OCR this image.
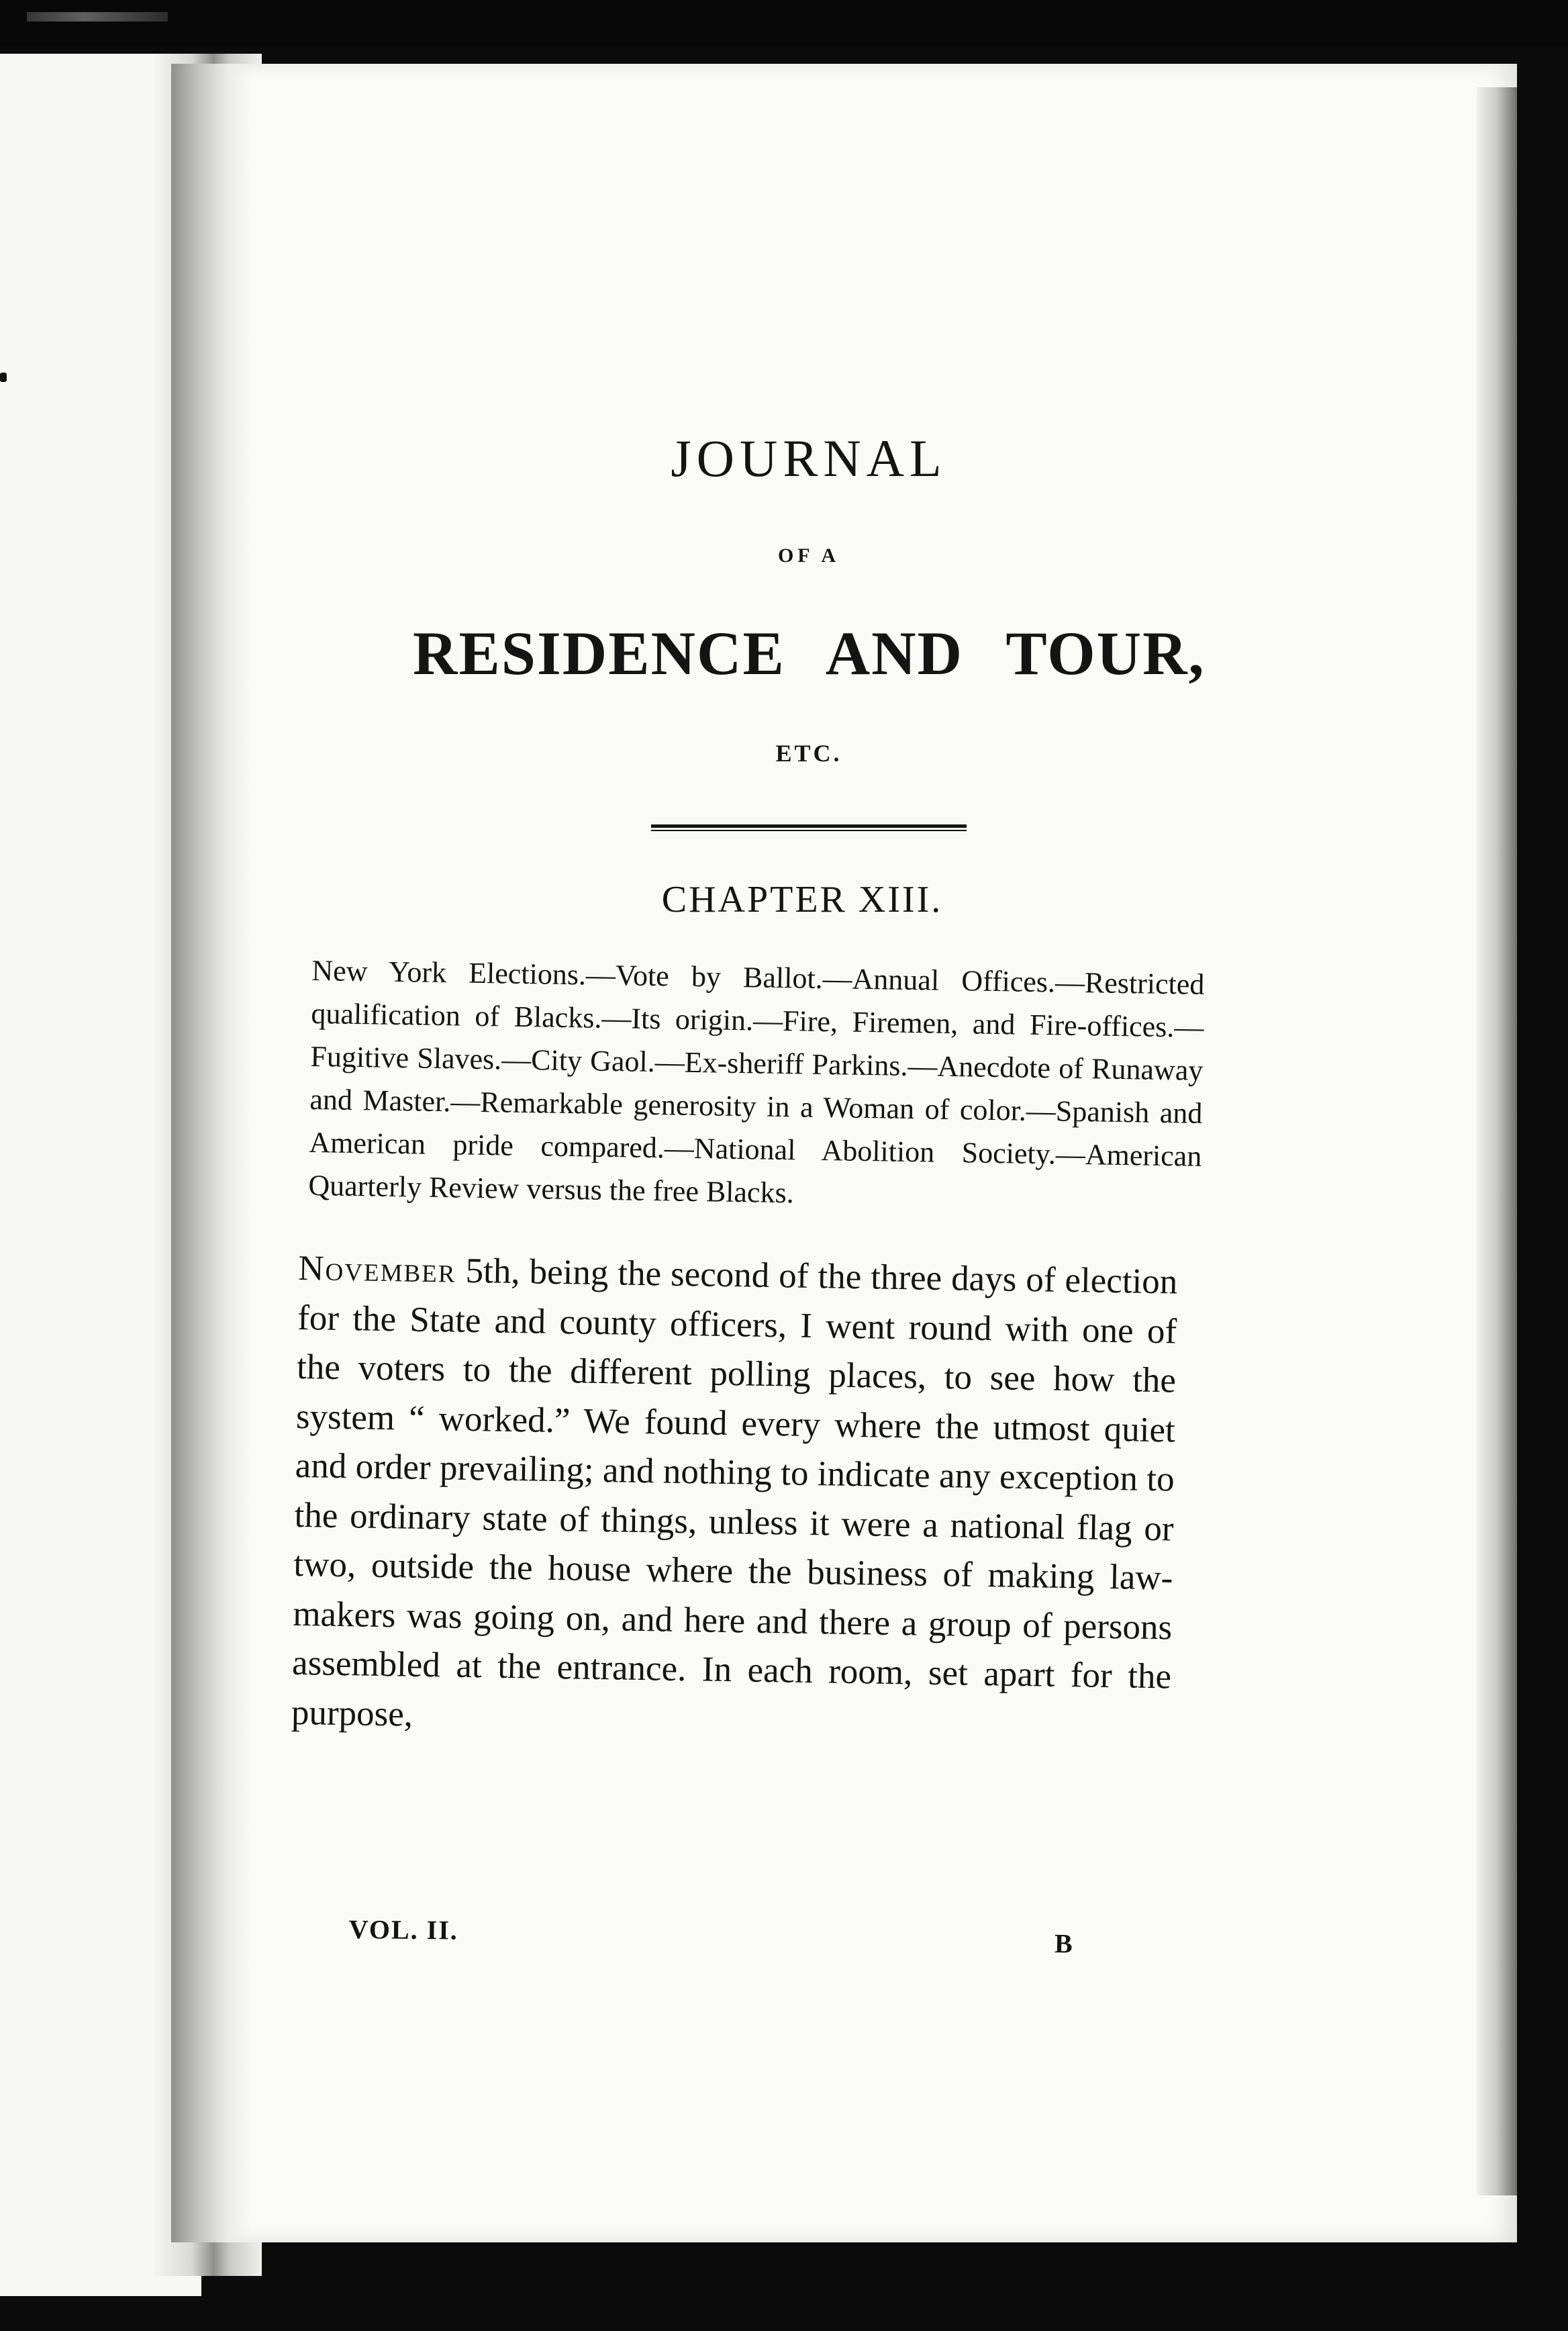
JOURNAL
OF A
RESIDENCE AND TOUR,
ETC.
CHAPTER XIII.
New York Elections.—Vote by Ballot.—Annual Offices.—Restricted qualification of Blacks.—Its origin.—Fire, Firemen, and Fire-offices.—Fugitive Slaves.—City Gaol.—Ex-sheriff Parkins.—Anecdote of Runaway and Master.—Remarkable generosity in a Woman of color.—Spanish and American pride compared.—National Abolition Society.—American Quarterly Review versus the free Blacks.
November 5th, being the second of the three days of election for the State and county officers, I went round with one of the voters to the different polling places, to see how the system “ worked.” We found every where the utmost quiet and order prevailing; and nothing to indicate any exception to the ordinary state of things, unless it were a national flag or two, outside the house where the business of making law-makers was going on, and here and there a group of persons assembled at the entrance. In each room, set apart for the purpose,
VOL. II.	B
